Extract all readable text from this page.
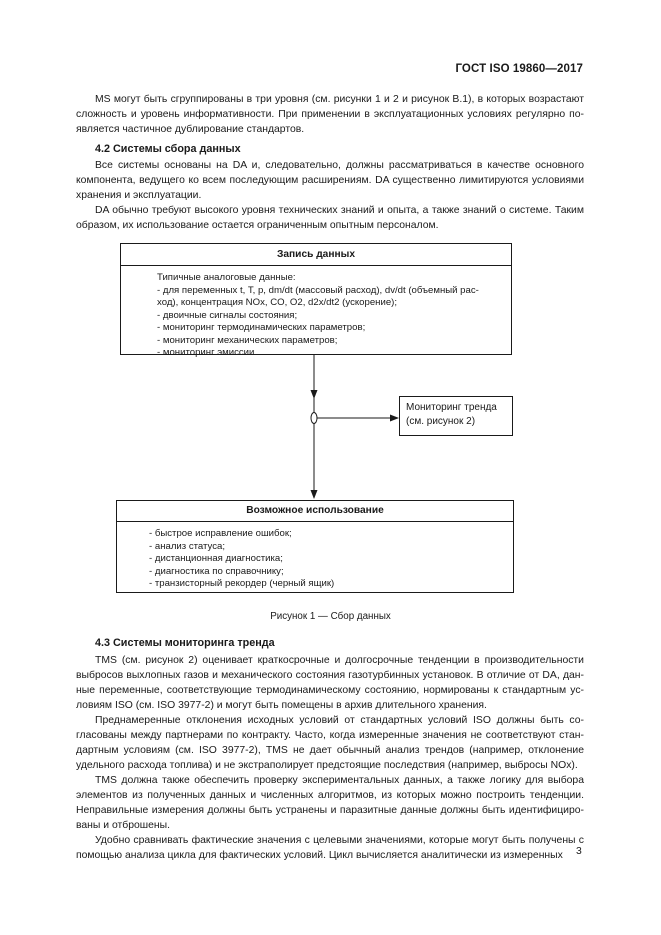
ГОСТ ISO 19860—2017

MS могут быть сгруппированы в три уровня (см. рисунки 1 и 2 и рисунок В.1), в которых возрастают сложность и уровень информативности. При применении в эксплуатационных условиях регулярно по-является частичное дублирование стандартов.

4.2 Системы сбора данных

Все системы основаны на DA и, следовательно, должны рассматриваться в качестве основного компонента, ведущего ко всем последующим расширениям. DA существенно лимитируются условиями хранения и эксплуатации.

DA обычно требуют высокого уровня технических знаний и опыта, а также знаний о системе. Таким образом, их использование остается ограниченным опытным персоналом.

Запись данных
Типичные аналоговые данные:
- для переменных t, T, p, dm/dt (массовый расход), dv/dt (объемный рас-
ход), концентрация NOx, CO, O2, d2x/dt2 (ускорение);
- двоичные сигналы состояния;
- мониторинг термодинамических параметров;
- мониторинг механических параметров;
- мониторинг эмиссии
Мониторинг тренда
(см. рисунок 2)
Возможное использование
- быстрое исправление ошибок;
- анализ статуса;
- дистанционная диагностика;
- диагностика по справочнику;
- транзисторный рекордер (черный ящик)
Рисунок 1 — Сбор данных
4.3 Системы мониторинга тренда

TMS (см. рисунок 2) оценивает краткосрочные и долгосрочные тенденции в производительности выбросов выхлопных газов и механического состояния газотурбинных установок. В отличие от DA, дан-ные переменные, соответствующие термодинамическому состоянию, нормированы к стандартным ус-ловиям ISO (см. ISO 3977-2) и могут быть помещены в архив длительного хранения.

Преднамеренные отклонения исходных условий от стандартных условий ISO должны быть со-гласованы между партнерами по контракту. Часто, когда измеренные значения не соответствуют стан-дартным условиям (см. ISO 3977-2), TMS не дает обычный анализ трендов (например, отклонение удельного расхода топлива) и не экстраполирует предстоящие последствия (например, выбросы NOx).

TMS должна также обеспечить проверку экспериментальных данных, а также логику для выбора элементов из полученных данных и численных алгоритмов, из которых можно построить тенденции. Неправильные измерения должны быть устранены и паразитные данные должны быть идентифициро-ваны и отброшены.

Удобно сравнивать фактические значения с целевыми значениями, которые могут быть получены с помощью анализа цикла для фактических условий. Цикл вычисляется аналитически из измеренных	3
